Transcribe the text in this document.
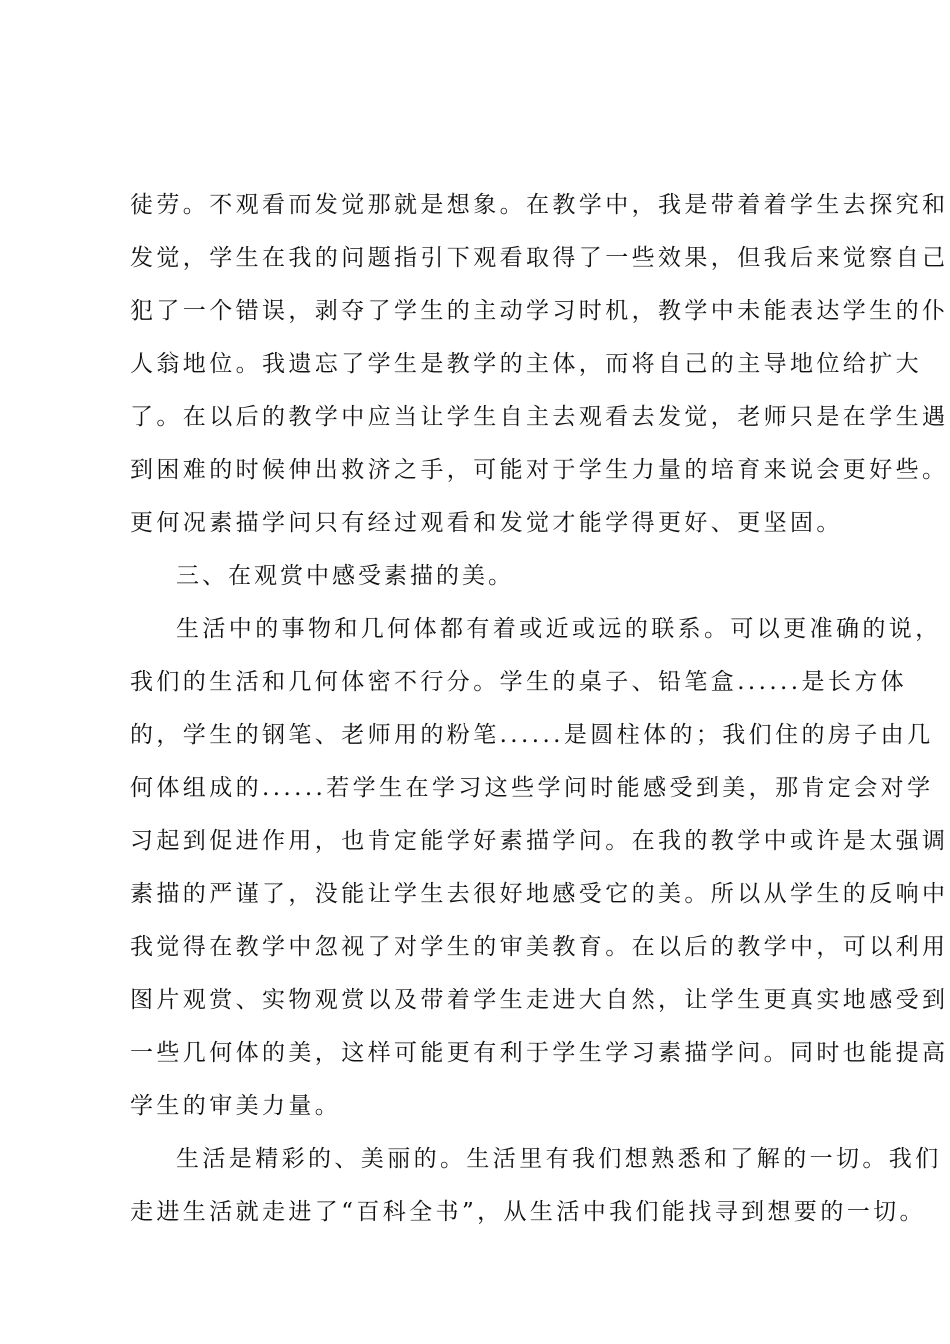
徒劳。不观看而发觉那就是想象。在教学中，我是带着着学生去探究和

发觉，学生在我的问题指引下观看取得了一些效果，但我后来觉察自己

犯了一个错误，剥夺了学生的主动学习时机，教学中未能表达学生的仆

人翁地位。我遗忘了学生是教学的主体，而将自己的主导地位给扩大

了。在以后的教学中应当让学生自主去观看去发觉，老师只是在学生遇

到困难的时候伸出救济之手，可能对于学生力量的培育来说会更好些。

更何况素描学问只有经过观看和发觉才能学得更好、更坚固。

三、在观赏中感受素描的美。

生活中的事物和几何体都有着或近或远的联系。可以更准确的说，

我们的生活和几何体密不行分。学生的桌子、铅笔盒......是长方体

的，学生的钢笔、老师用的粉笔......是圆柱体的；我们住的房子由几

何体组成的......若学生在学习这些学问时能感受到美，那肯定会对学

习起到促进作用，也肯定能学好素描学问。在我的教学中或许是太强调

素描的严谨了，没能让学生去很好地感受它的美。所以从学生的反响中

我觉得在教学中忽视了对学生的审美教育。在以后的教学中，可以利用

图片观赏、实物观赏以及带着学生走进大自然，让学生更真实地感受到

一些几何体的美，这样可能更有利于学生学习素描学问。同时也能提高

学生的审美力量。

生活是精彩的、美丽的。生活里有我们想熟悉和了解的一切。我们

走进生活就走进了“百科全书”，从生活中我们能找寻到想要的一切。
